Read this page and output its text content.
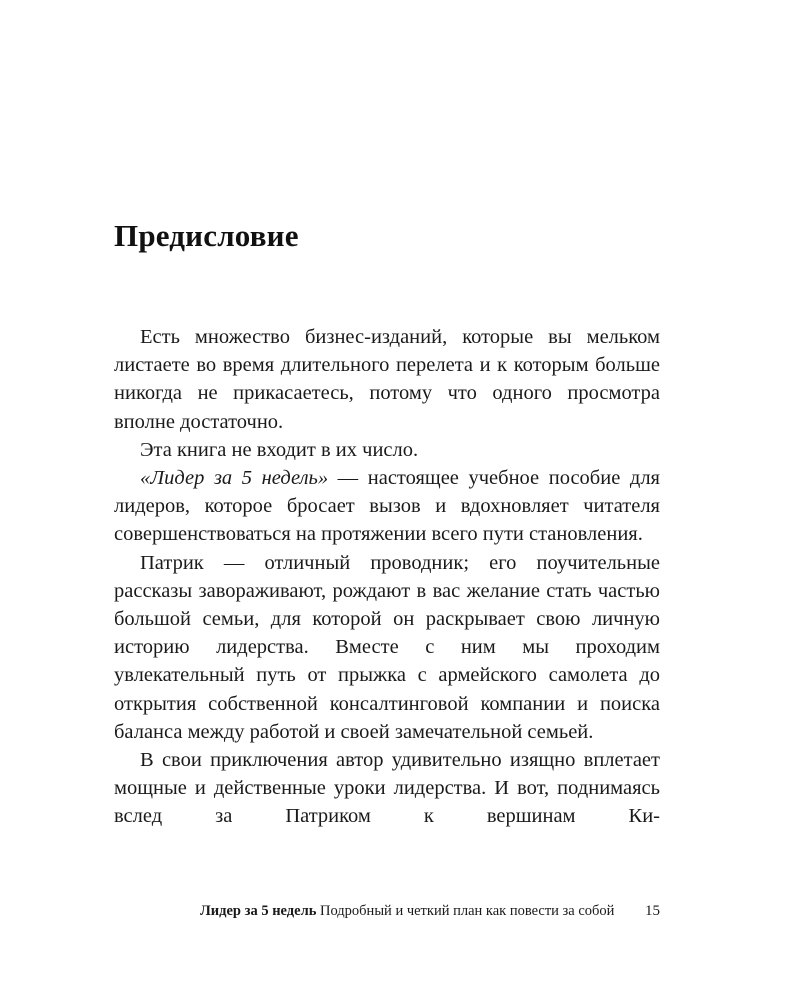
Предисловие

Есть множество бизнес-изданий, которые вы мельком листаете во время длительного перелета и к которым больше никогда не прикасаетесь, потому что одного просмотра вполне достаточно.

Эта книга не входит в их число.

«Лидер за 5 недель» — настоящее учебное пособие для лидеров, которое бросает вызов и вдохновляет читателя совершенствоваться на протяжении всего пути становления.

Патрик — отличный проводник; его поучительные рассказы завораживают, рождают в вас желание стать частью большой семьи, для которой он раскрывает свою личную историю лидерства. Вместе с ним мы проходим увлекательный путь от прыжка с армейского самолета до открытия собственной консалтинговой компании и поиска баланса между работой и своей замечательной семьей.

В свои приключения автор удивительно изящно вплетает мощные и действенные уроки лидерства. И вот, поднимаясь вслед за Патриком к вершинам Ки-

Лидер за 5 недель Подробный и четкий план как повести за собой 15
